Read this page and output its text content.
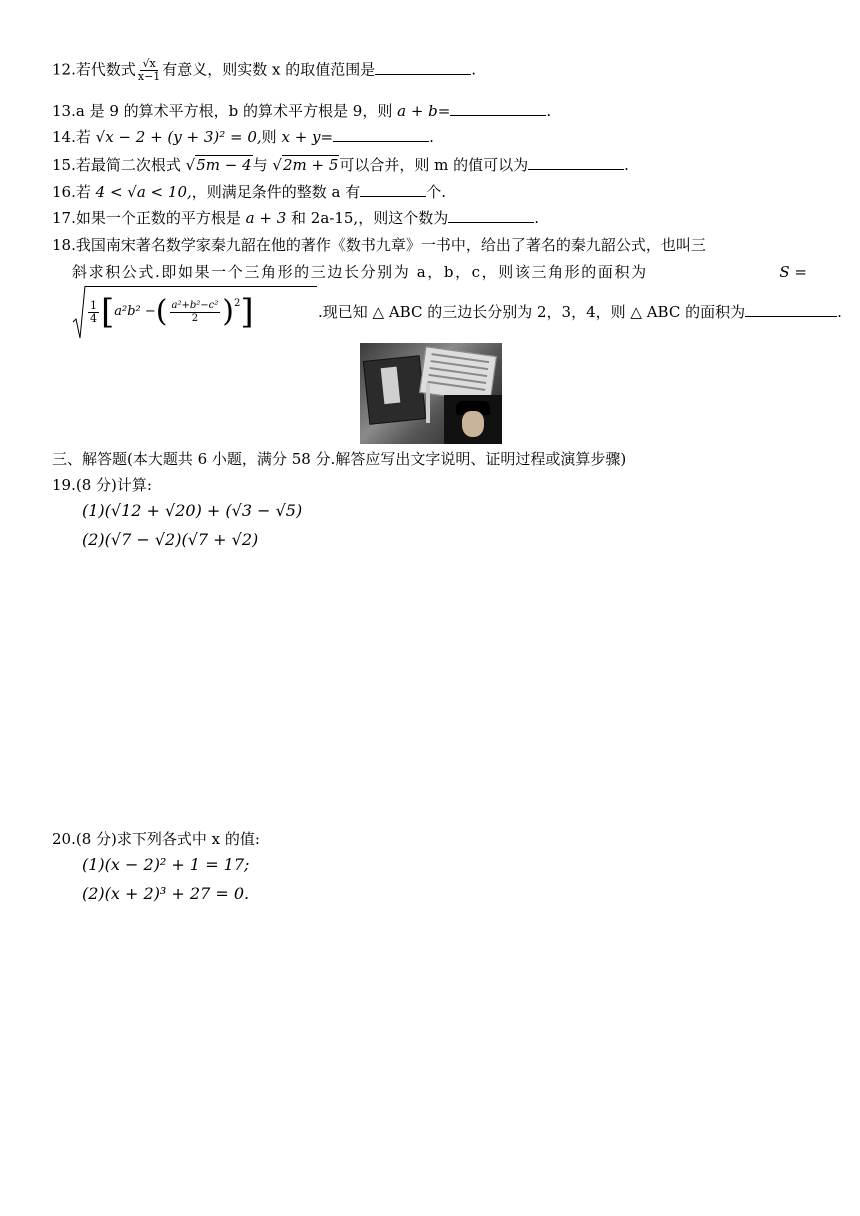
12.若代数式 $\frac{√x}{x-1}$ 有意义，则实数 x 的取值范围是	.
13.a 是 9 的算术平方根，b 的算术平方根是 9，则 a + b=	.
14.若 √x − 2 + (y + 3)² = 0,则 x + y=	.
15.若最简二次根式 √5m − 4与 √2m + 5可以合并，则 m 的值可以为	.
16.若 4 < √a < 10,，则满足条件的整数 a 有	个.
17.如果一个正数的平方根是 a + 3 和 2a-15,，则这个数为	.
18.我国南宋著名数学家秦九韶在他的著作《数书九章》一书中，给出了著名的秦九韶公式，也叫三
斜求积公式.即如果一个三角形的三边长分别为 a，b，c，则该三角形的面积为	S =
$\frac{1}{4}$ [ a²b² − ( $\frac{\text{a²+b²−c²}}{2} )^2$ ]	.现已知 △ ABC 的三边长分别为 2，3，4，则 △ ABC 的面积为	.
三、解答题(本大题共 6 小题，满分 58 分.解答应写出文字说明、证明过程或演算步骤)
19.(8 分)计算:
(1)(√12 + √20) + (√3 − √5)
(2)(√7 − √2)(√7 + √2)
20.(8 分)求下列各式中 x 的值:
(1)(x − 2)² + 1 = 17;
(2)(x + 2)³ + 27 = 0.
